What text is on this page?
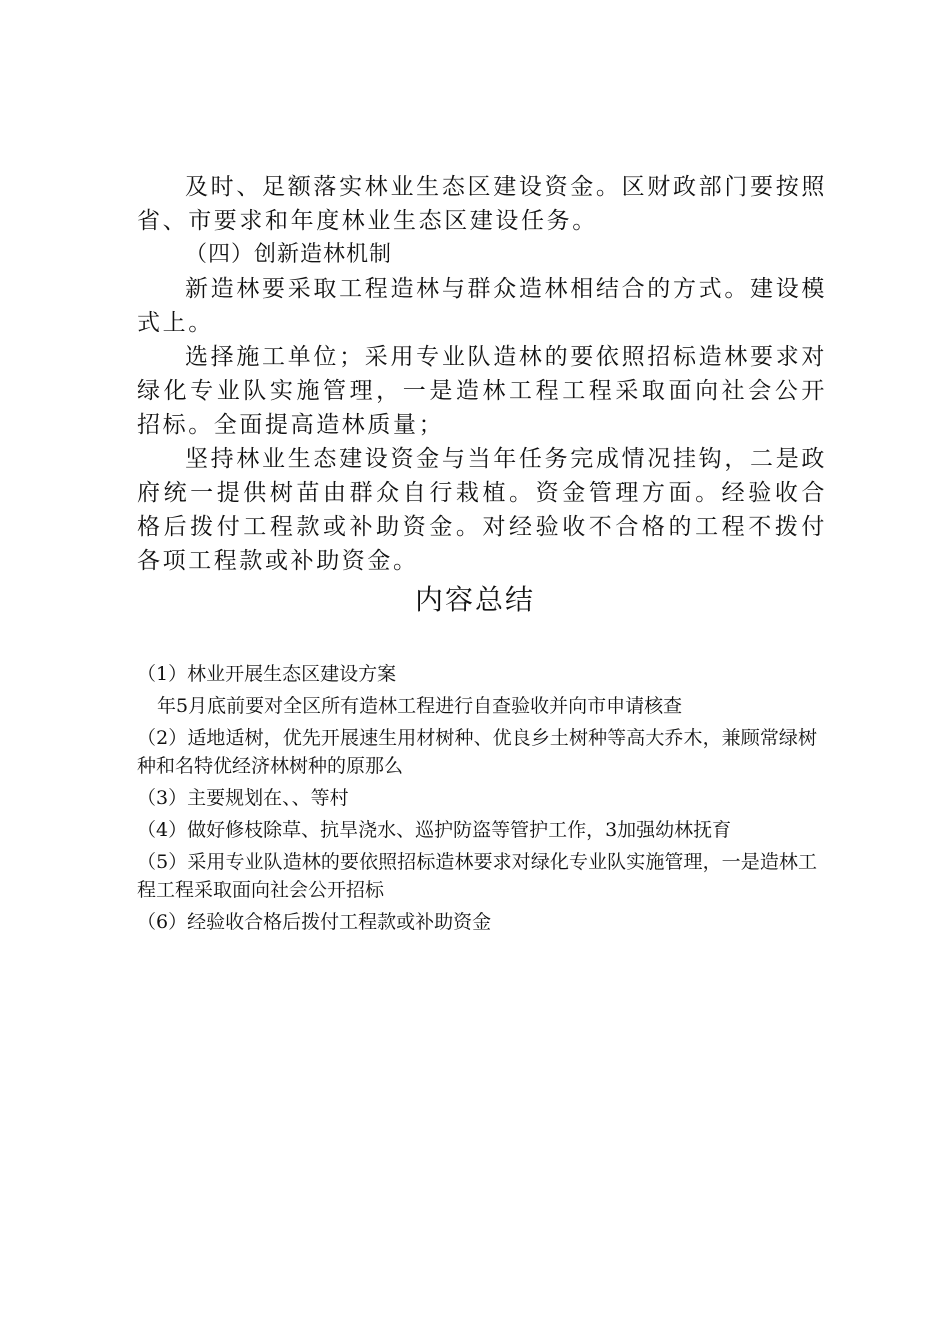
及时、足额落实林业生态区建设资金。区财政部门要按照省、市要求和年度林业生态区建设任务。

（四）创新造林机制

新造林要采取工程造林与群众造林相结合的方式。建设模式上。

选择施工单位；采用专业队造林的要依照招标造林要求对绿化专业队实施管理，一是造林工程工程采取面向社会公开招标。全面提高造林质量；

坚持林业生态建设资金与当年任务完成情况挂钩，二是政府统一提供树苗由群众自行栽植。资金管理方面。经验收合格后拨付工程款或补助资金。对经验收不合格的工程不拨付各项工程款或补助资金。

内容总结

（1）林业开展生态区建设方案

年5月底前要对全区所有造林工程进行自查验收并向市申请核查

（2）适地适树，优先开展速生用材树种、优良乡土树种等高大乔木，兼顾常绿树种和名特优经济林树种的原那么

（3）主要规划在、、等村

（4）做好修枝除草、抗旱浇水、巡护防盗等管护工作，3加强幼林抚育

（5）采用专业队造林的要依照招标造林要求对绿化专业队实施管理，一是造林工程工程采取面向社会公开招标

（6）经验收合格后拨付工程款或补助资金
